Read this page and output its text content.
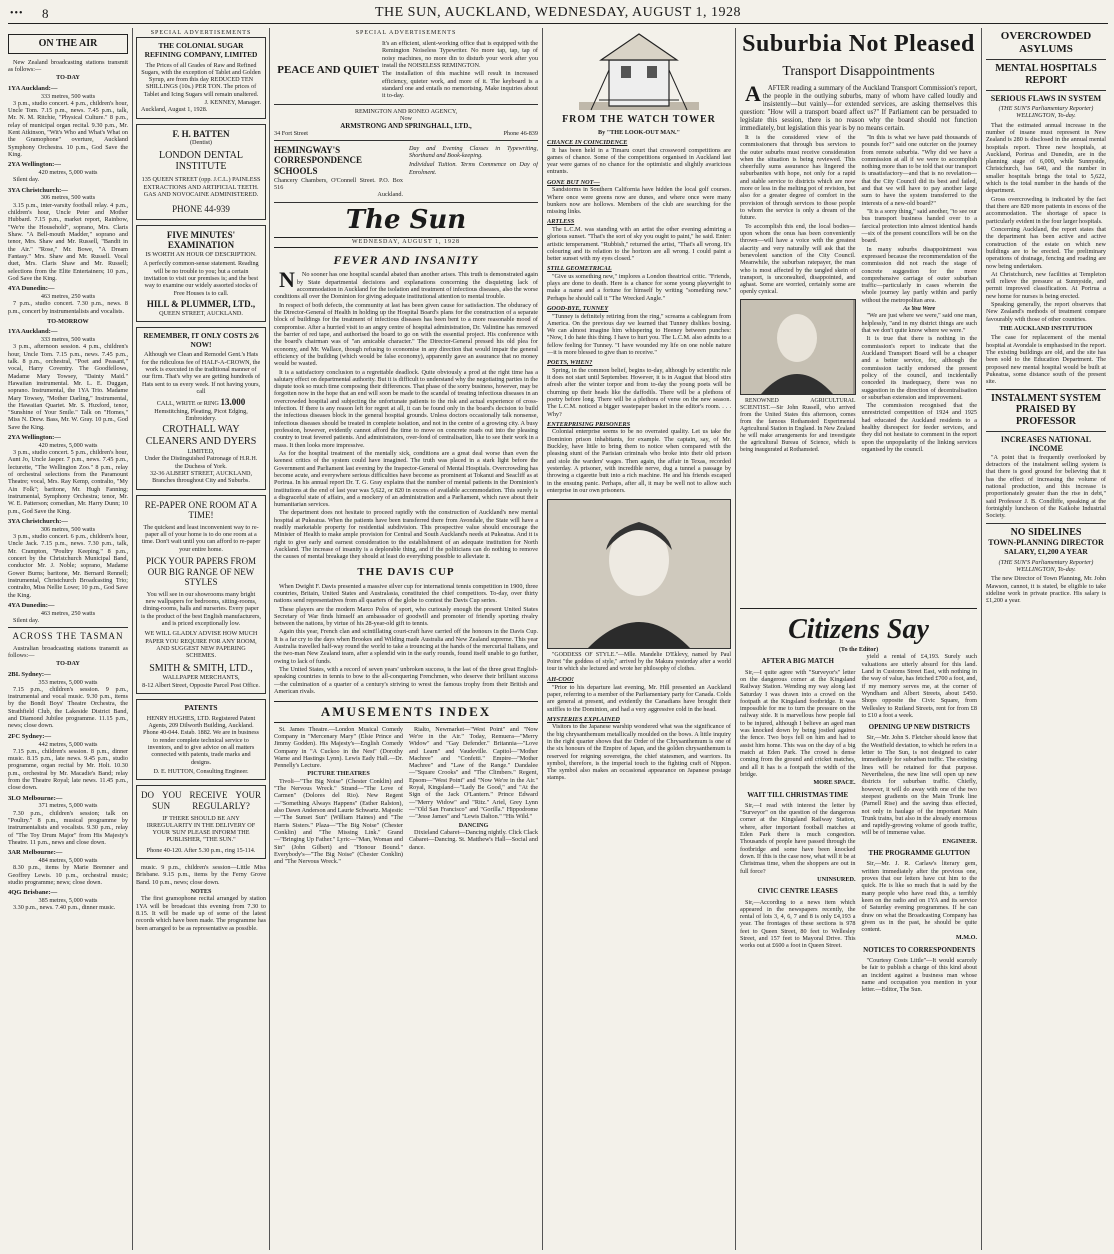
••• 8	THE SUN, AUCKLAND, WEDNESDAY, AUGUST 1, 1928
ON THE AIR

New Zealand broadcasting stations transmit as follows:—

TO-DAY
1YA Auckland:—
333 metres, 500 watts

3 p.m., studio concert. 4 p.m., children's hour, Uncle Tom. 7.15 p.m., news. 7.45 p.m., talk, Mr. N. M. Ritchie, "Physical Culture." 8 p.m., relay of municipal organ recital. 9.30 p.m., Mr. Kent Atkinson, "Wit's Who and What's What on the Gramophone" overture, Auckland Symphony Orchestra. 10 p.m., God Save the King.

2YA Wellington:—
420 metres, 5,000 watts

Silent day.

3YA Christchurch:—
306 metres, 500 watts

3.15 p.m., inter-varsity football relay. 4 p.m., children's hour, Uncle Peter and Mother Hubbard. 7.15 p.m., market report, Rainbow, "We're the Household", soprano, Mrs. Claris Shaw. "A Bell-mouth Madder," soprano and tenor, Mrs. Shaw and Mr. Russell, "Bandit in the Air." "Rose," Mr. Bowe, "A Dream Fantasy." Mrs. Shaw and Mr. Russell. Vocal duet, Mrs. Claris Shaw and Mr. Russell; selections from the Elite Entertainers; 10 p.m., God Save the King.

4YA Dunedin:—
463 metres, 250 watts

7 p.m., studio concert. 7.30 p.m., news. 8 p.m., concert by instrumentalists and vocalists.

TO-MORROW
1YA Auckland:—
333 metres, 500 watts

3 p.m., afternoon session. 4 p.m., children's hour, Uncle Tom. 7.15 p.m., news. 7.45 p.m., talk. 8 p.m., orchestral, "Poet and Peasant," vocal, Harry Coventry. The Goodfellows, Madame Mary Towsey, "Dainty Maid." Hawaiian instrumental. Mr. L. E. Duggan, soprano. Instrumental, the 1YA Trio. Madame Mary Towsey, "Mother Darling," Instrumental, the Hawaiian Quartet. Mr. S. Huxford, tenor, "Sunshine of Your Smile." Talk on "Homes," Miss N. Drew. Bass, Mr. W. Gray. 10 p.m., God Save the King.

2YA Wellington:—
420 metres, 5,000 watts

3 p.m., studio concert. 5 p.m., children's hour, Aunt Jo, Uncle Jasper. 7 p.m., news. 7.45 p.m., lecturette, "The Wellington Zoo." 8 p.m., relay of orchestral selections from the Paramount Theatre; vocal, Mrs. Ray Kemp, contralto, "My Ain Folk"; baritone, Mr. Hugh Fanning; instrumental, Symphony Orchestra; tenor, Mr. W. E. Patterson; comedian, Mr. Harry Dunn; 10 p.m., God Save the King.

3YA Christchurch:—
306 metres, 500 watts

3 p.m., studio concert. 6 p.m., children's hour, Uncle Jack. 7.15 p.m., news. 7.30 p.m., talk, Mr. Crampton, "Poultry Keeping." 8 p.m., concert by the Christchurch Municipal Band, conductor Mr. J. Noble; soprano, Madame Gower Burns; baritone, Mr. Bernard Rennell; instrumental, Christchurch Broadcasting Trio; contralto, Miss Nellie Lowe; 10 p.m., God Save the King.

4YA Dunedin:—
463 metres, 250 watts

Silent day.

ACROSS THE TASMAN

Australian broadcasting stations transmit as follows:—

TO-DAY
2BL Sydney:—
353 metres, 5,000 watts

7.15 p.m., children's session. 9 p.m., instrumental and vocal music. 9.30 p.m., items by the Bondi Boys' Theatre Orchestra, the Strathfield Club, the Lakeside District Band, and Diamond Jubilee programme. 11.15 p.m., news; close down.

2FC Sydney:—
442 metres, 5,000 watts

7.15 p.m., children's session. 8 p.m., dinner music. 8.15 p.m., late news. 9.45 p.m., studio programme, organ recital by Mr. Holt. 10.30 p.m., orchestral by Mr. Macadie's Band; relay from the Theatre Royal; late news. 11.45 p.m., close down.

3LO Melbourne:—
371 metres, 5,000 watts

7.30 p.m., children's session; talk on "Poultry." 8 p.m., musical programme by instrumentalists and vocalists. 9.30 p.m., relay of "The Toy Drum Major" from His Majesty's Theatre. 11 p.m., news and close down.

3AR Melbourne:—
484 metres, 5,000 watts

8.30 p.m., items by Marie Bremner and Geoffrey Lewis. 10 p.m., orchestral music; studio programme; news; close down.

4QG Brisbane:—
385 metres, 5,000 watts

3.30 p.m., news. 7.40 p.m., dinner music.

SPECIAL ADVERTISEMENTS
THE COLONIAL SUGAR REFINING COMPANY, LIMITED

The Prices of all Grades of Raw and Refined Sugars, with the exception of Tablet and Golden Syrup, are from this day REDUCED TEN SHILLINGS (10s.) PER TON. The prices of Tablet and Icing Sugars will remain unaltered.

J. KENNEY, Manager.
Auckland, August 1, 1928.
F. H. BATTEN
(Dentist)
LONDON DENTAL INSTITUTE
135 QUEEN STREET (opp. J.C.L.) PAINLESS EXTRACTIONS AND ARTIFICIAL TEETH. GAS AND NOVOCAINE ADMINISTERED.
PHONE 44-939
FIVE MINUTES' EXAMINATION
IS WORTH AN HOUR OF DESCRIPTION.

A perfectly common-sense statement. Reading will be no trouble to you; but a certain invitation to visit our premises is; and the best way to examine our widely assorted stocks of Free Houses is to call.

HILL & PLUMMER, LTD.,
QUEEN STREET, AUCKLAND.
REMEMBER, IT ONLY COSTS 2/6 NOW!

Although we Clean and Remodel Gent.'s Hats for the ridiculous fee of HALF-A-CROWN, the work is executed in the traditional manner of our firm. That's why we are getting hundreds of Hats sent to us every week. If not having yours, call

CALL, WRITE or RING 13.000
Hemstitching, Pleating, Picot Edging, Embroidery.
CROTHALL WAY CLEANERS AND DYERS
LIMITED,
Under the Distinguished Patronage of H.R.H. the Duchess of York.
32-36 ALBERT STREET, AUCKLAND, Branches throughout City and Suburbs.
RE-PAPER ONE ROOM AT A TIME!

The quickest and least inconvenient way to re-paper all of your home is to do one room at a time. Don't wait until you can afford to re-paper your entire home.

PICK YOUR PAPERS FROM OUR BIG RANGE OF NEW STYLES

You will see in our showrooms many bright new wallpapers for bedrooms, sitting-rooms, dining-rooms, halls and nurseries. Every paper is the product of the best English manufacturers, and is priced exceptionally low.

WE WILL GLADLY ADVISE HOW MUCH PAPER YOU REQUIRE FOR ANY ROOM, AND SUGGEST NEW PAPERING SCHEMES.
SMITH & SMITH, LTD.,
WALLPAPER MERCHANTS,
8-12 Albert Street, Opposite Parcel Post Office.
PATENTS

HENRY HUGHES, LTD. Registered Patent Agents, 209 Dilworth Building, Auckland. Phone 40-044. Estab. 1882. We are in business to render complete technical service to inventors, and to give advice on all matters connected with patents, trade marks and designs.

D. E. HUTTON, Consulting Engineer.
DO YOU RECEIVE YOUR
SUN REGULARLY?

IF THERE SHOULD BE ANY IRREGULARITY IN THE DELIVERY OF YOUR 'SUN' PLEASE INFORM THE PUBLISHER, "THE SUN."

Phone 40-120. After 5.30 p.m., ring 15-114.

music. 9 p.m., children's session—Little Miss Brisbane. 9.15 p.m., items by the Ferny Grove Band. 10 p.m., news; close down.

NOTES

The first gramophone recital arranged by station 1YA will be broadcast this evening from 7.30 to 8.15. It will be made up of some of the latest records which have been made. The programme has been arranged to be as representative as possible.

SPECIAL ADVERTISEMENTS
PEACE AND QUIET

It's an efficient, silent-working office that is equipped with the Remington Noiseless Typewriter. No more tap, tap, tap of noisy machines, no more din to disturb your work after you install the NOISELESS REMINGTON.

The installation of this machine will result in increased efficiency, quieter work, and more of it. The keyboard is a standard one and entails no memorising. Make inquiries about it to-day.

REMINGTON AND RONEO AGENCY,
Now
ARMSTRONG AND SPRINGHALL, LTD.,
34 Fort Street	Phone 46-839
HEMINGWAY'S CORRESPONDENCE SCHOOLS
Chancery Chambers, O'Connell Street. P.O. Box 516
Auckland.
Day and Evening Classes in Typewriting, Shorthand and Book-keeping.
Individual Tuition. Terms Commence on Day of Enrolment.
The Sun
WEDNESDAY, AUGUST 1, 1928
FEVER AND INSANITY

N No sooner has one hospital scandal abated than another arises. This truth is demonstrated again by State departmental decisions and explanations concerning the disquieting lack of accommodation in Auckland for the isolation and treatment of infectious diseases, also the worse conditions all over the Dominion for giving adequate institutional attention to mental trouble.

In respect of both defects, the community at last has been given cause for satisfaction. The obduracy of the Director-General of Health in holding up the Hospital Board's plans for the construction of a separate block of buildings for the treatment of infectious diseases has been bent to a more reasonable mood of compromise. After a hurried visit to an angry centre of hospital administration, Dr. Valintine has removed the barrier of red tape, and authorised the board to go on with the essential project. His conference with the board's chairman was of "an amicable character." The Director-General pressed his old plea for economy, and Mr. Wallace, though refusing to economise in any direction that would impair the general efficiency of the building (which would be false economy), apparently gave an assurance that no money would be wasted.

It is a satisfactory conclusion to a regrettable deadlock. Quite obviously a prod at the right time has a salutary effect on departmental authority. But it is difficult to understand why the negotiating parties in the dispute took so much time composing their differences. That phase of the sorry business, however, may be forgotten now in the hope that an end will soon be made to the scandal of treating infectious diseases in an overcrowded hospital and subjecting the unfortunate patients to the risk and actual experience of cross-infection. If there is any reason left for regret at all, it can be found only in the board's decision to build the infectious diseases block in the general hospital grounds. Unless doctors occasionally talk nonsense, infectious diseases should be treated in complete isolation, and not in the centre of a growing city. A busy profession, however, evidently cannot afford the time to move on concrete roads out into the pleasing country to treat fevered patients. And administrators, over-fond of centralisation, like to see their work in a mass. It then looks more impressive.

As for the hospital treatment of the mentally sick, conditions are a great deal worse than even the keenest critics of the system could have imagined. The truth was placed in a stark light before the Government and Parliament last evening by the Inspector-General of Mental Hospitals. Overcrowding has become acute, and everywhere serious difficulties have become as prominent at Tokanui and Seacliff as at Porirua. In his annual report Dr. T. G. Gray explains that the number of mental patients in the Dominion's institutions at the end of last year was 5,622, or 820 in excess of available accommodation. This surely is a disgraceful state of affairs, and a mockery of an administration and a Parliament, which rave about their humanitarian services.

The department does not hesitate to proceed rapidly with the construction of Auckland's new mental hospital at Pukeatua. When the patients have been transferred there from Avondale, the State will have a readily marketable property for residential subdivision. This prospective value should encourage the Minister of Health to make ample provision for Central and South Auckland's needs at Pukeatua. And it is right to give early and earnest consideration to the establishment of an adequate institution for North Auckland. The increase of insanity is a deplorable thing, and if the politicians can do nothing to remove the causes of mental breakage they should at least do everything possible to alleviate it.

THE DAVIS CUP

When Dwight F. Davis presented a massive silver cup for international tennis competition in 1900, three countries, Britain, United States and Australasia, constituted the chief competitors. To-day, over thirty nations send representatives from all quarters of the globe to contest the Davis Cup series.

These players are the modern Marco Polos of sport, who curiously enough the present United States Secretary of War finds himself an ambassador of goodwill and promoter of friendly sporting rivalry between the nations, by virtue of his 28-year-old gift to tennis.

Again this year, French clan and scintillating court-craft have carried off the honours in the Davis Cup. It is a far cry to the days when Brookes and Wilding made Australia and New Zealand supreme. This year Australia travelled half-way round the world to take a trouncing at the hands of the mercurial Italians, and the two-man New Zealand team, after a splendid win in the early rounds, found itself unable to go further, owing to lack of funds.

The United States, with a record of seven years' unbroken success, is the last of the three great English-speaking countries in tennis to bow to the all-conquering Frenchmen, who deserve their brilliant success—the culmination of a quarter of a century's striving to wrest the famous trophy from their British and American rivals.

AMUSEMENTS INDEX

St. James Theatre.—London Musical Comedy Company in "Mercenary Mary" (Elsie Prince and Jimmy Godden). His Majesty's—English Comedy Company in "A Cuckoo in the Nest" (Dorothy Warne and Hastings Lynn). Lewis Eady Hall.—Dr. Pennelly's Lecture.

PICTURE THEATRES

Tivoli—"The Big Noise" (Chester Conklin) and "The Nervous Wreck." Strand—"The Love of Carmen" (Dolores del Rio). New Regent—"Something Always Happens" (Esther Ralston), also Dawn Anderson and Laurie Schwartz. Majestic—"The Sunset Sun" (William Haines) and "The Harris Sisters." Plaza—"The Big Noise" (Chester Conklin) and "The Missing Link." Grand—"Bringing Up Father." Lyric—"Man, Woman and Sin" (John Gilbert) and "Honour Bound." Everybody's—"The Big Noise" (Chester Conklin) and "The Nervous Wreck."

Rialto, Newmarket—"West Point" and "Now We're in the Air." Today, Remuera—"Merry Widow" and "Gay Defender." Britannia—"Love and Learn" and Vaudeville. Capitol—"Mother Machree" and "Confetti." Empire—"Mother Machree" and "Law of the Range." Dandalee—"Square Crooks" and "The Climbers." Regent, Epsom—"West Point" and "Now We're in the Air." Royal, Kingsland—"Lady Be Good," and "At the Sign of the Jack O'Lantern." Prince Edward—"Merry Widow" and "Ritz." Ariel, Grey Lynn—"Old San Francisco" and "Gorilla." Hippodrome—"Jesse James" and "Lewis Dalton." "His Wild."

DANCING

Dixieland Cabaret—Dancing nightly. Click Clack Cabaret—Dancing. St. Matthew's Hall—Social and dance.

FROM THE WATCH TOWER
By "THE LOOK-OUT MAN."
CHANCE IN COINCIDENCE

It has been held in a Timaru court that crossword competitions are games of chance. Some of the competitions organised in Auckland last year were games of no chance for the optimistic and slightly avaricious entrants.

GONE BUT NOT—

Sandstorms in Southern California have hidden the local golf courses. Where once were greens now are dunes, and where once were many bunkers now are hollows. Members of the club are searching for the missing links.

ARTLESS

The L.C.M. was standing with an artist the other evening admiring a glorious sunset. "That's the sort of sky you ought to paint," he said. Enter: artistic temperament. "Rubbish," returned the artist, "That's all wrong. It's colouring and its relation to the horizon are all wrong. I could paint a better sunset with my eyes closed."

STILL GEOMETRICAL

"Give us something new," implores a London theatrical critic. "Friends, plays are done to death. Here is a chance for some young playwright to make a name and a fortune for himself by writing "something new." Perhaps he should call it "The Wrecked Angle."

GOOD-BYE, TUNNEY

"Tunney is definitely retiring from the ring," screams a cablegram from America. On the previous day we learned that Tunney dislikes boxing. We can almost imagine him whispering to Heeney between punches: "Now, I do hate this thing. I have to hurt you. The L.C.M. also admits to a fellow feeling for Tunney. "I have wounded my life on one noble nature—it is more blessed to give than to receive."

POETS, WHEN?

Spring, in the common belief, begins to-day, although by scientific rule it does not start until September. However, it is in August that blood stirs afresh after the winter torpor and from to-day the young poets will be churning up their heads like the daffodils. There will be a plethora of poetry before long. There will be a plethora of verse on the new season. The L.C.M. noticed a bigger wastepaper basket in the editor's room. . . . Why?

ENTERPRISING PRISONERS

Colonial enterprise seems to be no overrated quality. Let us take the Dominion prison inhabitants, for example. The captain, say, of Mr. Buckley, have little to bring them to notice when compared with the pleasing stunt of the Parisian criminals who broke into their old prison and stole the warders' wages. Then again, the affair in Texas, recorded yesterday. A prisoner, with incredible nerve, dug a tunnel a passage by throwing a cigarette butt into a rich machine. He and his friends escaped in the ensuing panic. Perhaps, after all, it may be well not to allow such enterprise in our own prisoners.

"GODDESS OF STYLE."—Mlle. Mandelie D'Eklevy, named by Paul Poiret "the goddess of style," arrived by the Makura yesterday after a world tour in which she lectured and wrote her philosophy of clothes.

AH-COO!

"Prior to his departure last evening, Mr. Hill presented an Auckland paper, referring to a member of the Parliamentary party for Canada. Colds are general at present, and evidently the Canadians have brought their sniffles to the Dominion, and had a very aggressive cold in the head.

MYSTERIES EXPLAINED

Visitors to the Japanese warship wondered what was the significance of the big chrysanthemum metallically moulded on the bows. A little inquiry in the right quarter shows that the Order of the Chrysanthemum is one of the six honours of the Empire of Japan, and the golden chrysanthemum is reserved for reigning sovereigns, the chief statesmen, and warriors. Its symbol, therefore, is the imperial touch to the fighting craft of Nippon. The symbol also makes an occasional appearance on Japanese postage stamps.

Suburbia Not Pleased
Transport Disappointments

A AFTER reading a summary of the Auckland Transport Commission's report, the people in the outlying suburbs, many of whom have called loudly and insistently—but vainly—for extended services, are asking themselves this question: "How will a transport board affect us?" If Parliament can be persuaded to legislate this session, there is no reason why the board should not function immediately, but legislation this year is by no means certain.

It is the considered view of the commissioners that through bus services to the outer suburbs must receive consideration when the situation is being reviewed. This cheerfully sums assurance has lingered the suburbanites with hope, not only for a rapid and stable service to districts which are now more or less in the melting pot of revision, but also for a greater degree of comfort in the provision of through services to those people to whom the service is only a dream of the future.

To accomplish this end, the local bodies—upon whom the onus has been conveniently thrown—will have a voice with the greatest alacrity and very naturally will ask that the benevolent sanction of the City Council. Meanwhile, the suburban ratepayer, the man who is most affected by the tangled skein of transport, is unconsulted, disappointed, and aghast. Some are worried, certainly some are openly cynical.

RENOWNED AGRICULTURAL SCIENTIST.—Sir John Russell, who arrived from the United States this afternoon, comes from the famous Rothamsted Experimental Agricultural Station in England. In New Zealand he will make arrangements for and investigate the agricultural Bureau of Science, which is being inaugurated at Rothamsted.

"In this is what we have paid thousands of pounds for?" said one outcrier on the journey from remote suburbia. "Why did we have a commission at all if we were to accomplish nothing more than to be told that our transport is unsatisfactory—and that is no revelation—that the City Council did its best and failed, and that we will have to pay another large sum to have the system transferred to the interests of a new-old board?"

"It is a sorry thing," said another, "to see our bus transport business handed over to a farcical protection into almost identical hands—six of the present councillors will be on the board.

In many suburbs disappointment was expressed because the recommendation of the commission did not reach the stage of concrete suggestion for the more comprehensive carriage of outer suburban traffic—particularly in cases wherein the whole journey lay partly within and partly without the metropolitan area.

As You Were

"We are just where we were," said one man, helplessly, "and in my district things are such that we don't quite know where we were."

It is true that there is nothing in the commission's report to indicate that the Auckland Transport Board will be a cheaper and a better service, for, although the commission tacitly endorsed the present policy of the council, and incidentally conceded its inadequacy, there was no suggestion in the direction of decentralisation or suburban extension and improvement.

The commission recognised that the unrestricted competition of 1924 and 1925 had educated the Auckland residents to a healthy disrespect for feeder services, and they did not hesitate to comment in the report upon the unpopularity of the linking services organised by the council.

Citizens Say
(To the Editor)
AFTER A BIG MATCH

Sir,—I quite agree with "Surveyor's" letter on the dangerous corner at the Kingsland Railway Station. Wending my way along last Saturday I was drawn into a crowd on the footpath at the Kingsland footbridge. It was impossible for me to turn the pressure on the railway side. It is marvellous how people fail to be injured, although I believe an aged man was knocked down by being jostled against the fence. Two boys fell on him and had to assist him home. This was on the day of a big match at Eden Park. The crowd is dense coming from the ground and cricket matches, and all it has is a footpath the width of the bridge.

MORE SPACE.
WAIT TILL CHRISTMAS TIME

Sir,—I read with interest the letter by "Surveyor" on the question of the dangerous corner at the Kingsland Railway Station, where, after important football matches at Eden Park there is much congestion. Thousands of people have passed through the footbridge and some have been knocked down. If this is the case now, what will it be at Christmas time, when the shoppers are out in full force?

UNINSURED.
CIVIC CENTRE LEASES

Sir,—According to a news item which appeared in the newspapers recently, the rental of lots 3, 4, 6, 7 and 8 is only £4,193 a year. The frontages of these sections is 978 feet to Queen Street, 80 feet to Wellesley Street, and 157 feet to Mayoral Drive. This works out at £600 a foot in Queen Street.

yield a rental of £4,193. Surely such valuations are utterly absurd for this land. Land in Customs Street East, with nothing in the way of value, has fetched £700 a foot, and, if my memory serves me, at the corner of Wyndham and Albert Streets, about £450. Shops opposite the Civic Square, from Wellesley to Rutland Streets, rent for from £8 to £10 a foot a week.

OPENING UP NEW DISTRICTS

Sir,—Mr. John S. Fletcher should know that the Westfield deviation, to which he refers in a letter to The Sun, is not designed to cater immediately for suburban traffic. The existing lines will be retained for that purpose. Nevertheless, the new line will open up new districts for suburban traffic. Chiefly, however, it will do away with one of the two steepest gradients on the Main Trunk line (Parnell Rise) and the saving thus effected, not only in haulage of the important Main Trunk trains, but also in the already enormous and rapidly-growing volume of goods traffic, will be of immense value.

ENGINEER.
THE PROGRAMME GLUTTON

Sir,—Mr. J. R. Carlaw's literary gem, written immediately after the previous one, proves that our letters have cut him to the quick. He is like so much that is said by the many people who have read this, a terribly keen on the radio and on 1YA and its service of Saturday evening programmes. If he can draw on what the Broadcasting Company has given us in the past, he should be quite content.

M.M.O.
NOTICES TO CORRESPONDENTS

"Courtesy Costs Little"—It would scarcely be fair to publish a charge of this kind about an incident against a business man whose name and occupation you mention in your letter.—Editor, The Sun.

OVERCROWDED ASYLUMS
MENTAL HOSPITALS REPORT
SERIOUS FLAWS IN SYSTEM
(THE SUN'S Parliamentary Reporter) WELLINGTON, To-day.

That the estimated annual increase in the number of insane must represent in New Zealand is 280 is disclosed in the annual mental hospitals report. Three new hospitals, at Auckland, Porirua and Dunedin, are in the planning stage of 6,000, while Sunnyside, Christchurch, has 640, and the number in smaller hospitals brings the total to 5,622, which is the total number in the hands of the department.

Gross overcrowding is indicated by the fact that there are 820 more patients in excess of the accommodation. The shortage of space is particularly evident in the four larger hospitals.

Concerning Auckland, the report states that the department has been active and active construction of the estate on which new buildings are to be erected. The preliminary operations of drainage, fencing and roading are now being undertaken.

At Christchurch, new facilities at Templeton will relieve the pressure at Sunnyside, and permit improved classification. At Porirua a new home for nurses is being erected.

Speaking generally, the report observes that New Zealand's methods of treatment compare favourably with those of other countries.

THE AUCKLAND INSTITUTION

The case for replacement of the mental hospital at Avondale is emphasised in the report. The existing buildings are old, and the site has been sold to the Education Department. The proposed new mental hospital would be built at Pukeatua, some distance south of the present site.

INSTALMENT SYSTEM PRAISED BY PROFESSOR
INCREASES NATIONAL INCOME

"A point that is frequently overlooked by detractors of the instalment selling system is that there is good ground for believing that it has the effect of increasing the volume of national production, and this increase is proportionately greater than the rise in debt," said Professor J. B. Condliffe, speaking at the fortnightly luncheon of the Kaikohe Industrial Society.

NO SIDELINES
TOWN-PLANNING DIRECTOR
SALARY, £1,200 A YEAR
(THE SUN'S Parliamentary Reporter) WELLINGTON, To-day.

The new Director of Town Planning, Mr. John Mawson, cannot, it is stated, be eligible to take sideline work in private practice. His salary is £1,200 a year.
